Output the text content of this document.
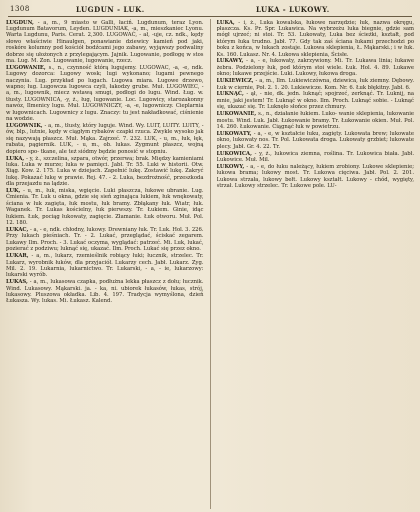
1308	LUGDUN - LUK.	LUKA - LUKOWY.

LUGDUN, - a, m., 9 miasto w Galli, łaciń. Lugdunum, teraz Lyon. Lugdunum Batavorum, Leyden. LUGDUNIAK, -a, m., mieszkaniec Lyonu. Warta Lugdunu, Paris. Cerat. 2,300. LUGOWAĆ, - ał, -uje, cz. ndk., kędy słowo właściwie Hinaułgen, ponawianie dziewicy kamień pod jaki, roskóre kolumny pod kościół bodźcami jego zabawy, wyjąwszy podwaliny dobrze się ułożonych z przylegającym. Jajnik. Lugowanie, podłogę w stos ma. Lug. M. Zon. Lugowanie, lugowanie, rzecz.

LUGOWANIE, s., n., czynność którą lugujemy. LUGOWAC, -a, -e, ndk. Lugowy dozorca: Lugowy wosk; lugi wykonano; lugami pewnego naczynia. Lug. przykład po lugach. Lugowa miara. Lugowe drzewo, wapno; ług. Lugowcza lugowca czyli, łakodzy grube. Muł. LUGOWIEC, - a, m., lugownik, miecz wstawą smugi, podłogi do lugu. Wind. Ług. w. tłusty. LUGOWNICA, -y, ż., ług, lugowanie. Loc. Lugowicy, starozakonny nawóz, Ilmenicy lugu. Muł. LUGOWNICZY, -a, -e, lugowniczy. Cieplarnia w lugownicach. Lugownicy z lugu. Znaczy: tu jest nakładkować, ciśnienie na wodzie.

LUGOWNIK, - a, m., tłusty, który luguje. Wind. Wy. LUIT, LUITY. LUITY, - ów, blp., lutnie, kędy w ciągłym rybaków czapki rzuca. Zwykle wysoko jak się nazywają płaszcz. Muł. Mąka. Zajrzeć. 7. 232. LUK, - u, m., łuk, łęk, rabata, pągiernik. LUK, - u, m., ob. lukas. Zygmunt płaszcz, wojną dopiero spo- tkane, ale też siódmy będzie ponosić w stopniu.

LUKA, - y, ż., szczelina, szpara, otwór, przerwa; brak. Między kamieniami luka. Luka w murze; luka w pamięci. Jabł. Tr. 55. Luki w historii. Otw. Xiąg. Kow. 2. 175. Luka w dziejach. Zapełnić lukę. Zostawić lukę. Zakryć lukę. Pokazać lukę w prawie. Rej. 47. - 2. Luka, bezdrożność, przeszkoda dla przejazdu na lądzie.

LUK, - u, m., łuk, miska, wgięcie. Luki płaszcza, łukowe ubranie. Lug. Ćmienia. Tr. Luk u okna, gdzie się sień zginająca lukiem, łuk wnękowaty, ściana w łuk zagięta, łuk mostu, łuk bramy. Zbłąkany łuk. Wiatr, łuk. Waganek. Tr. Lukas kościelny, łuk pierwszy. Tr. Łukiem. Ginie, idąc łukiem. Łuk, pociąg łukowaty, zagięcie. Złamanie. Łuk otworu. Muł. Pol. 12. 180.

LUKAC, - a, - e, ndk. chłodny, lukowy. Drewniany łuk. Tr. Luk. Hol. 3. 226. Przy lukach pieśniach. Tr. - 2. Lukać, przeglądać, ściskać zegarem. Lukawy Ilm. Proch. - 3. Lukać oczyma, wyglądać: patrzeć. Mi. Luk, lukać, pozierać z podziwu; luknąć się, ukazać. Ilm. Proch. Lukać się przez okno.

LUKAR, - a, m., lukarz, rzemieślnik robiący łuki; łucznik, strzelec. Tr. Lukarz, wyrobnik łuków, dla przyjaciół. Lukarzy cech. Jabł. Lukarz. Zyg. Mil. 2. 19. Lukarnia, lukarnictwo. Tr. Lukarski, - a, - ie, lukarzowy: lukarski wyrób.

LUKAS, - a, m., lukasowa czapka, podłużna lekka płaszcz z dołu; łucznik. Wind. Lukasowy. Mąkarski. ja. - ka, ni. ubiorek łukasów, łukas, strój, lukasowy. Pluszowa okładka. Lib. 4. 197. Tradycja wymyślona, dzień Łukasza. Wy. lukas. Mi. Łukasz. Kalend.

LUKA, - i, ż., Luka kowalska, łukowe narzędzie; łuk, nazwa okręgu, płaszcza. Ks. Pr. Spr. Lukawica. Na wybrzeżu luka biegnie, gdzie sam mógł ujrzeć; ni stoi. Tr. 53. Lukowaty, Luka bez ścieżki, kształt, pod którym łuka trudno. Jabł. 77. Gdy tak zaś ściana łukami przechodzi po boku z końca, w łukach zostaje. Lukowa sklepienia, Ł. Mąkarski.; i w łuk. Ks. 160. Lukasz. Nr. 4. Lukowa sklepienia, Ścisłe.

LUKAWY, - a, - e, łukowaty, zakrzywiony. Mi. Tr. Lukawa linia; łukawe żebra. Podzielony łuk, pod którym stoi wiele. Łuk. Hol. 4. 89. Lukawe okno; lukawe przejście. Luki. Lukowy, łukowa droga.

LUKIEWICZ, - a, m., Ilm. Lukiewiczówna, dziewica, łuk ziemny. Dębowy. Łuk w ciernie, Poł. 2. 1. 20. Lukiewicze. Kom. Nr. 6. Łuk błękitny. Jabł. 6.

LUKNĄĆ, - ął, - nie, dk. jedn. luknąć; spojrzeć, zerknąć. Tr. Luknij, na mnie, jaki jestem! Tr. Luknąć w okno. Ilm. Proch. Luknąć sobie. - Luknąć się, ukazać się. Tr. Luknęło słońce przez chmury.

LUKOWANIE, s., n., działanie łukiem. Luko- wanie sklepienia, lukowanie mostu. Wind. Luk. Jabł. Łukowanie bramy. Tr. Łukowanie okien. Muł. Pol. 14. 260. Łukowanie. Ciągnąć łuk w powietrzu.

LUKOWATY, - a, - e, w kształcie łuku, zagięty. Lukowata brew; lukowate okno, lukowaty nos. Tr. Pol. Lukowata droga. Lukowaty grzbiet; lukowate plecy. Jabł. Gr. 4. 22. Tr.

LUKOWICA, - y, ż., lukowica ziemna, roślina. Tr. Lukowica biała. Jabł. Lukowice. Muł. Mil.

LUKOWY, - a, - e, do łuku należący, łukiem zrobiony. Lukowe sklepienie; lukowa brama; lukowy most. Tr. Lukowa cięciwa. Jabł. Pol. 2. 201. Lukowa strzała, lukowy bełt. Lukowy kształt. Lukowy - chód, wygięty, strzał. Lukowy strzelec. Tr. Lukowe pole. LU-
